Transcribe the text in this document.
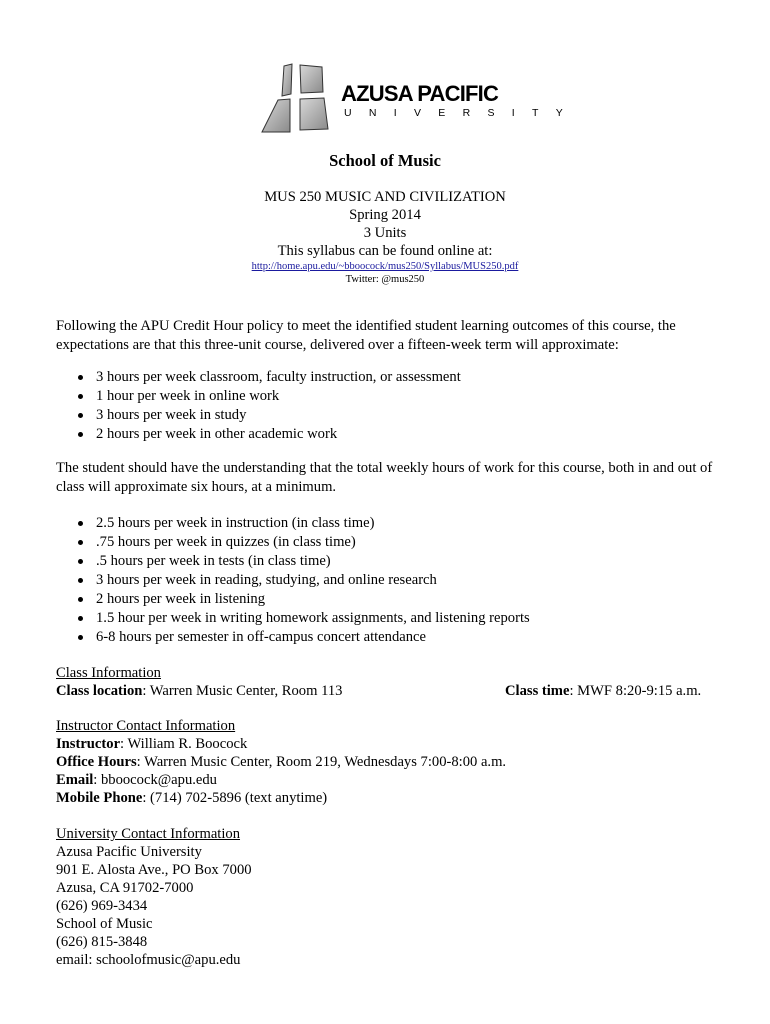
AZUSA PACIFIC
UNIVERSITY
School of Music
MUS 250 MUSIC AND CIVILIZATION
Spring 2014
3 Units
This syllabus can be found online at:
http://home.apu.edu/~bboocock/mus250/Syllabus/MUS250.pdf
Twitter: @mus250
Following the APU Credit Hour policy to meet the identified student learning outcomes of this course, the expectations are that this three-unit course, delivered over a fifteen-week term will approximate:
3 hours per week classroom, faculty instruction, or assessment
1 hour per week in online work
3 hours per week in study
2 hours per week in other academic work
The student should have the understanding that the total weekly hours of work for this course, both in and out of class will approximate six hours, at a minimum.
2.5 hours per week in instruction (in class time)
.75 hours per week in quizzes (in class time)
.5 hours per week in tests (in class time)
3 hours per week in reading, studying, and online research
2 hours per week in listening
1.5 hour per week in writing homework assignments, and listening reports
6-8 hours per semester in off-campus concert attendance
Class Information
Class location: Warren Music Center, Room 113	Class time: MWF 8:20-9:15 a.m.
Instructor Contact Information
Instructor: William R. Boocock
Office Hours: Warren Music Center, Room 219, Wednesdays 7:00-8:00 a.m.
Email: bboocock@apu.edu
Mobile Phone: (714) 702-5896 (text anytime)
University Contact Information
Azusa Pacific University
901 E. Alosta Ave., PO Box 7000
Azusa, CA 91702-7000
(626) 969-3434
School of Music
(626) 815-3848
email: schoolofmusic@apu.edu
